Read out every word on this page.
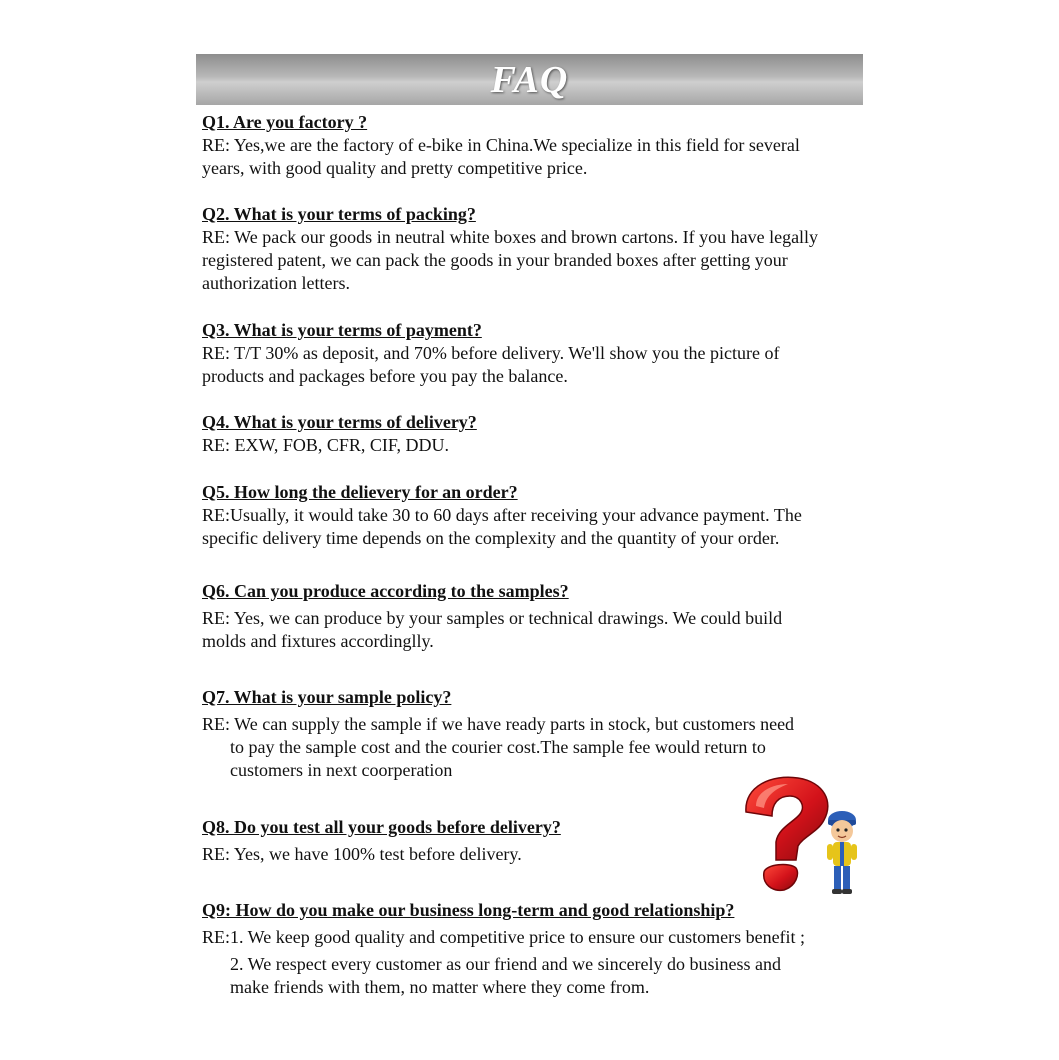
FAQ
Q1. Are you factory ?
RE: Yes,we are the factory of e-bike in China.We specialize in this field for several
years, with good quality and pretty competitive price.
Q2. What is your terms of packing?
RE: We pack our goods in neutral white boxes and brown cartons. If you have legally
registered patent, we can pack the goods in your branded boxes after getting your
authorization letters.
Q3. What is your terms of payment?
RE: T/T 30% as deposit, and 70% before delivery. We'll show you the picture of
products and packages before you pay the balance.
Q4. What is your terms of delivery?
RE: EXW, FOB, CFR, CIF, DDU.
Q5. How long the delievery for an order?
RE:Usually, it would take 30 to 60 days after receiving your advance payment. The
specific delivery time depends on the complexity and the quantity of your order.
Q6. Can you produce according to the samples?
RE: Yes, we can produce by your samples or technical drawings. We could build
molds and fixtures accordinglly.
Q7. What is your sample policy?
RE: We can supply the sample if we have ready parts in stock, but customers need
to pay the sample cost and the courier cost.The sample fee would return to
customers in next coorperation
Q8. Do you test all your goods before delivery?
RE: Yes, we have 100% test before delivery.
Q9: How do you make our business long-term and good relationship?
RE:1. We keep good quality and competitive price to ensure our customers benefit ;
2. We respect every customer as our friend and we sincerely do business and
make friends with them, no matter where they come from.
